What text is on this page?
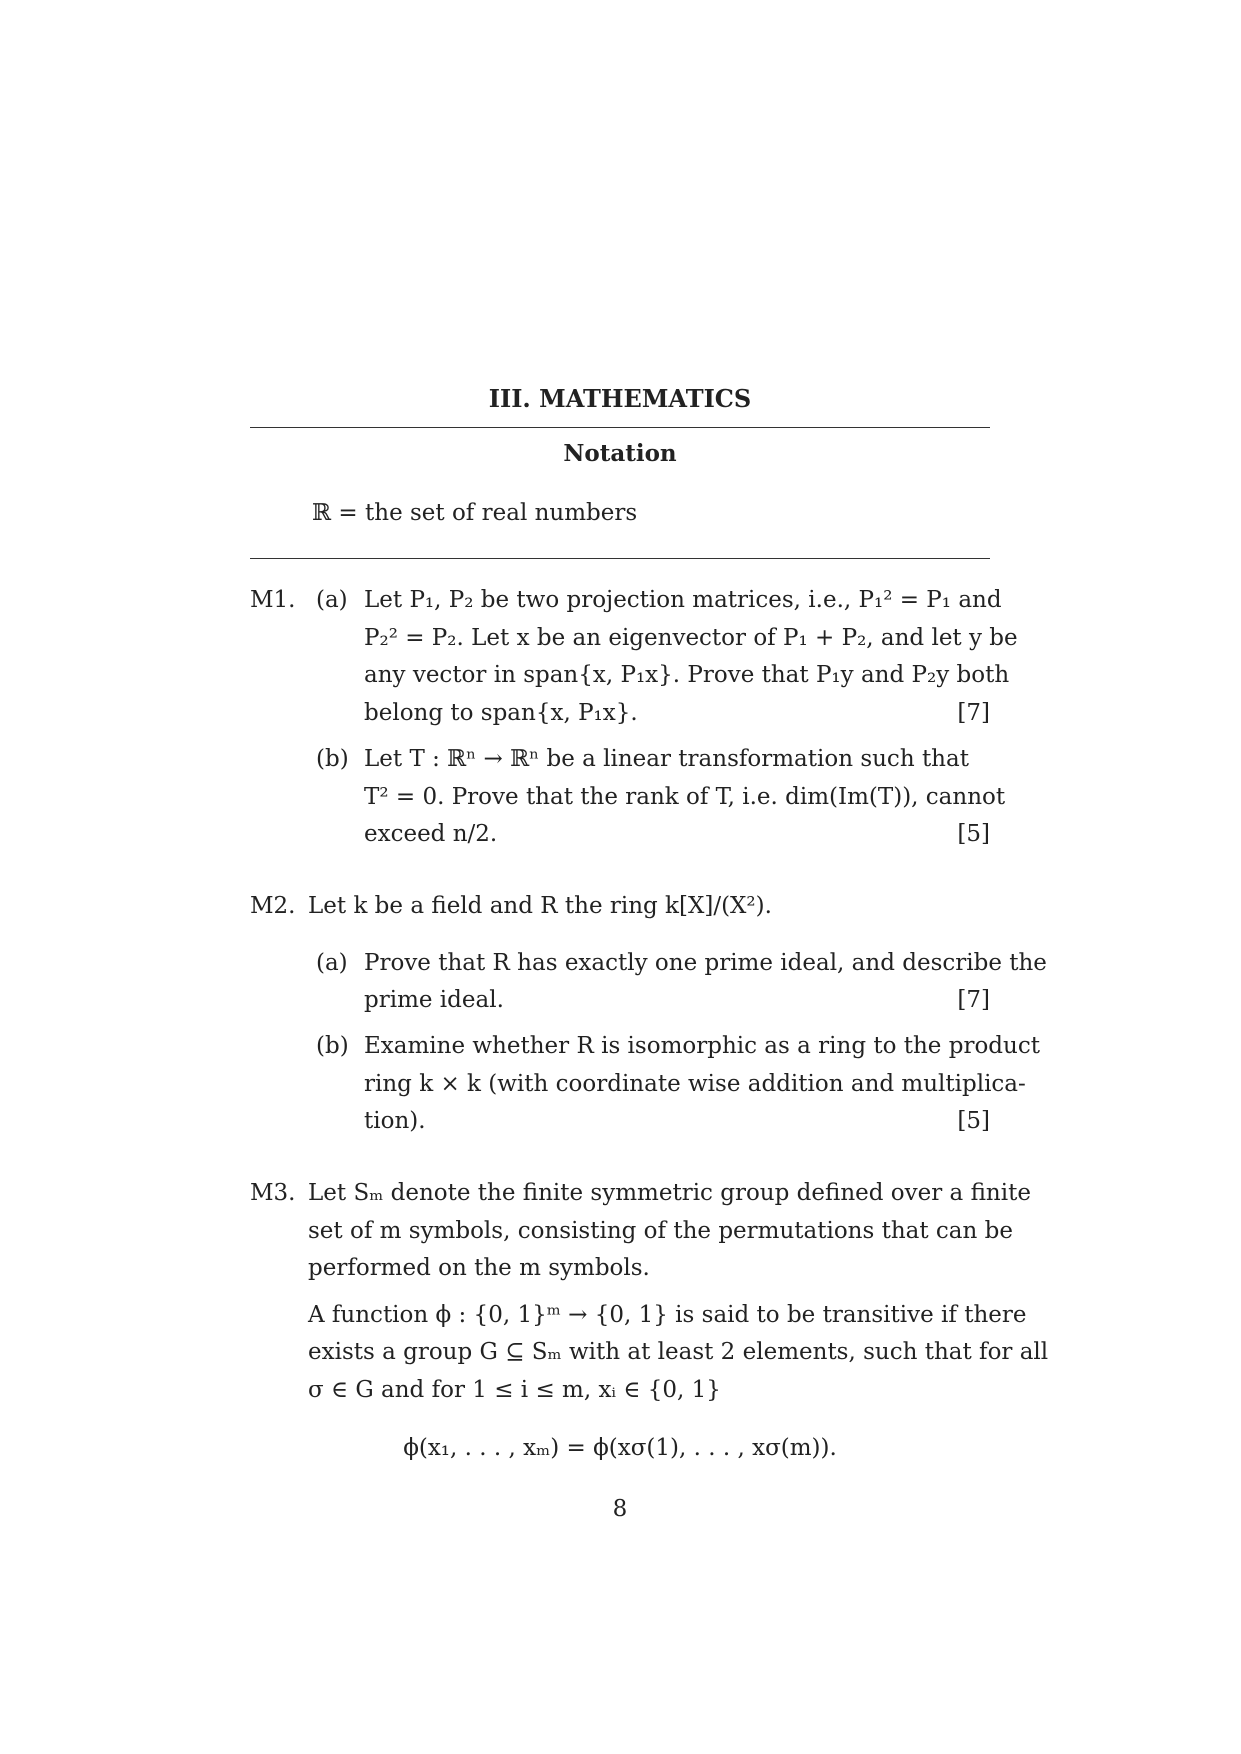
III. MATHEMATICS
Notation
ℝ = the set of real numbers
M1. (a) Let P₁, P₂ be two projection matrices, i.e., P₁² = P₁ and
P₂² = P₂. Let x be an eigenvector of P₁ + P₂, and let y be
any vector in span{x, P₁x}. Prove that P₁y and P₂y both
belong to span{x, P₁x}.	[7]
(b) Let T : ℝⁿ → ℝⁿ be a linear transformation such that
T² = 0. Prove that the rank of T, i.e. dim(Im(T)), cannot
exceed n/2.	[5]
M2. Let k be a field and R the ring k[X]/(X²).
(a) Prove that R has exactly one prime ideal, and describe the
prime ideal.	[7]
(b) Examine whether R is isomorphic as a ring to the product
ring k × k (with coordinate wise addition and multiplica-
tion).	[5]
M3. Let Sₘ denote the finite symmetric group defined over a finite
set of m symbols, consisting of the permutations that can be
performed on the m symbols.
A function ϕ : {0, 1}ᵐ → {0, 1} is said to be transitive if there
exists a group G ⊆ Sₘ with at least 2 elements, such that for all
σ ∈ G and for 1 ≤ i ≤ m, xᵢ ∈ {0, 1}
ϕ(x₁, . . . , xₘ) = ϕ(xσ(1), . . . , xσ(m)).
8
